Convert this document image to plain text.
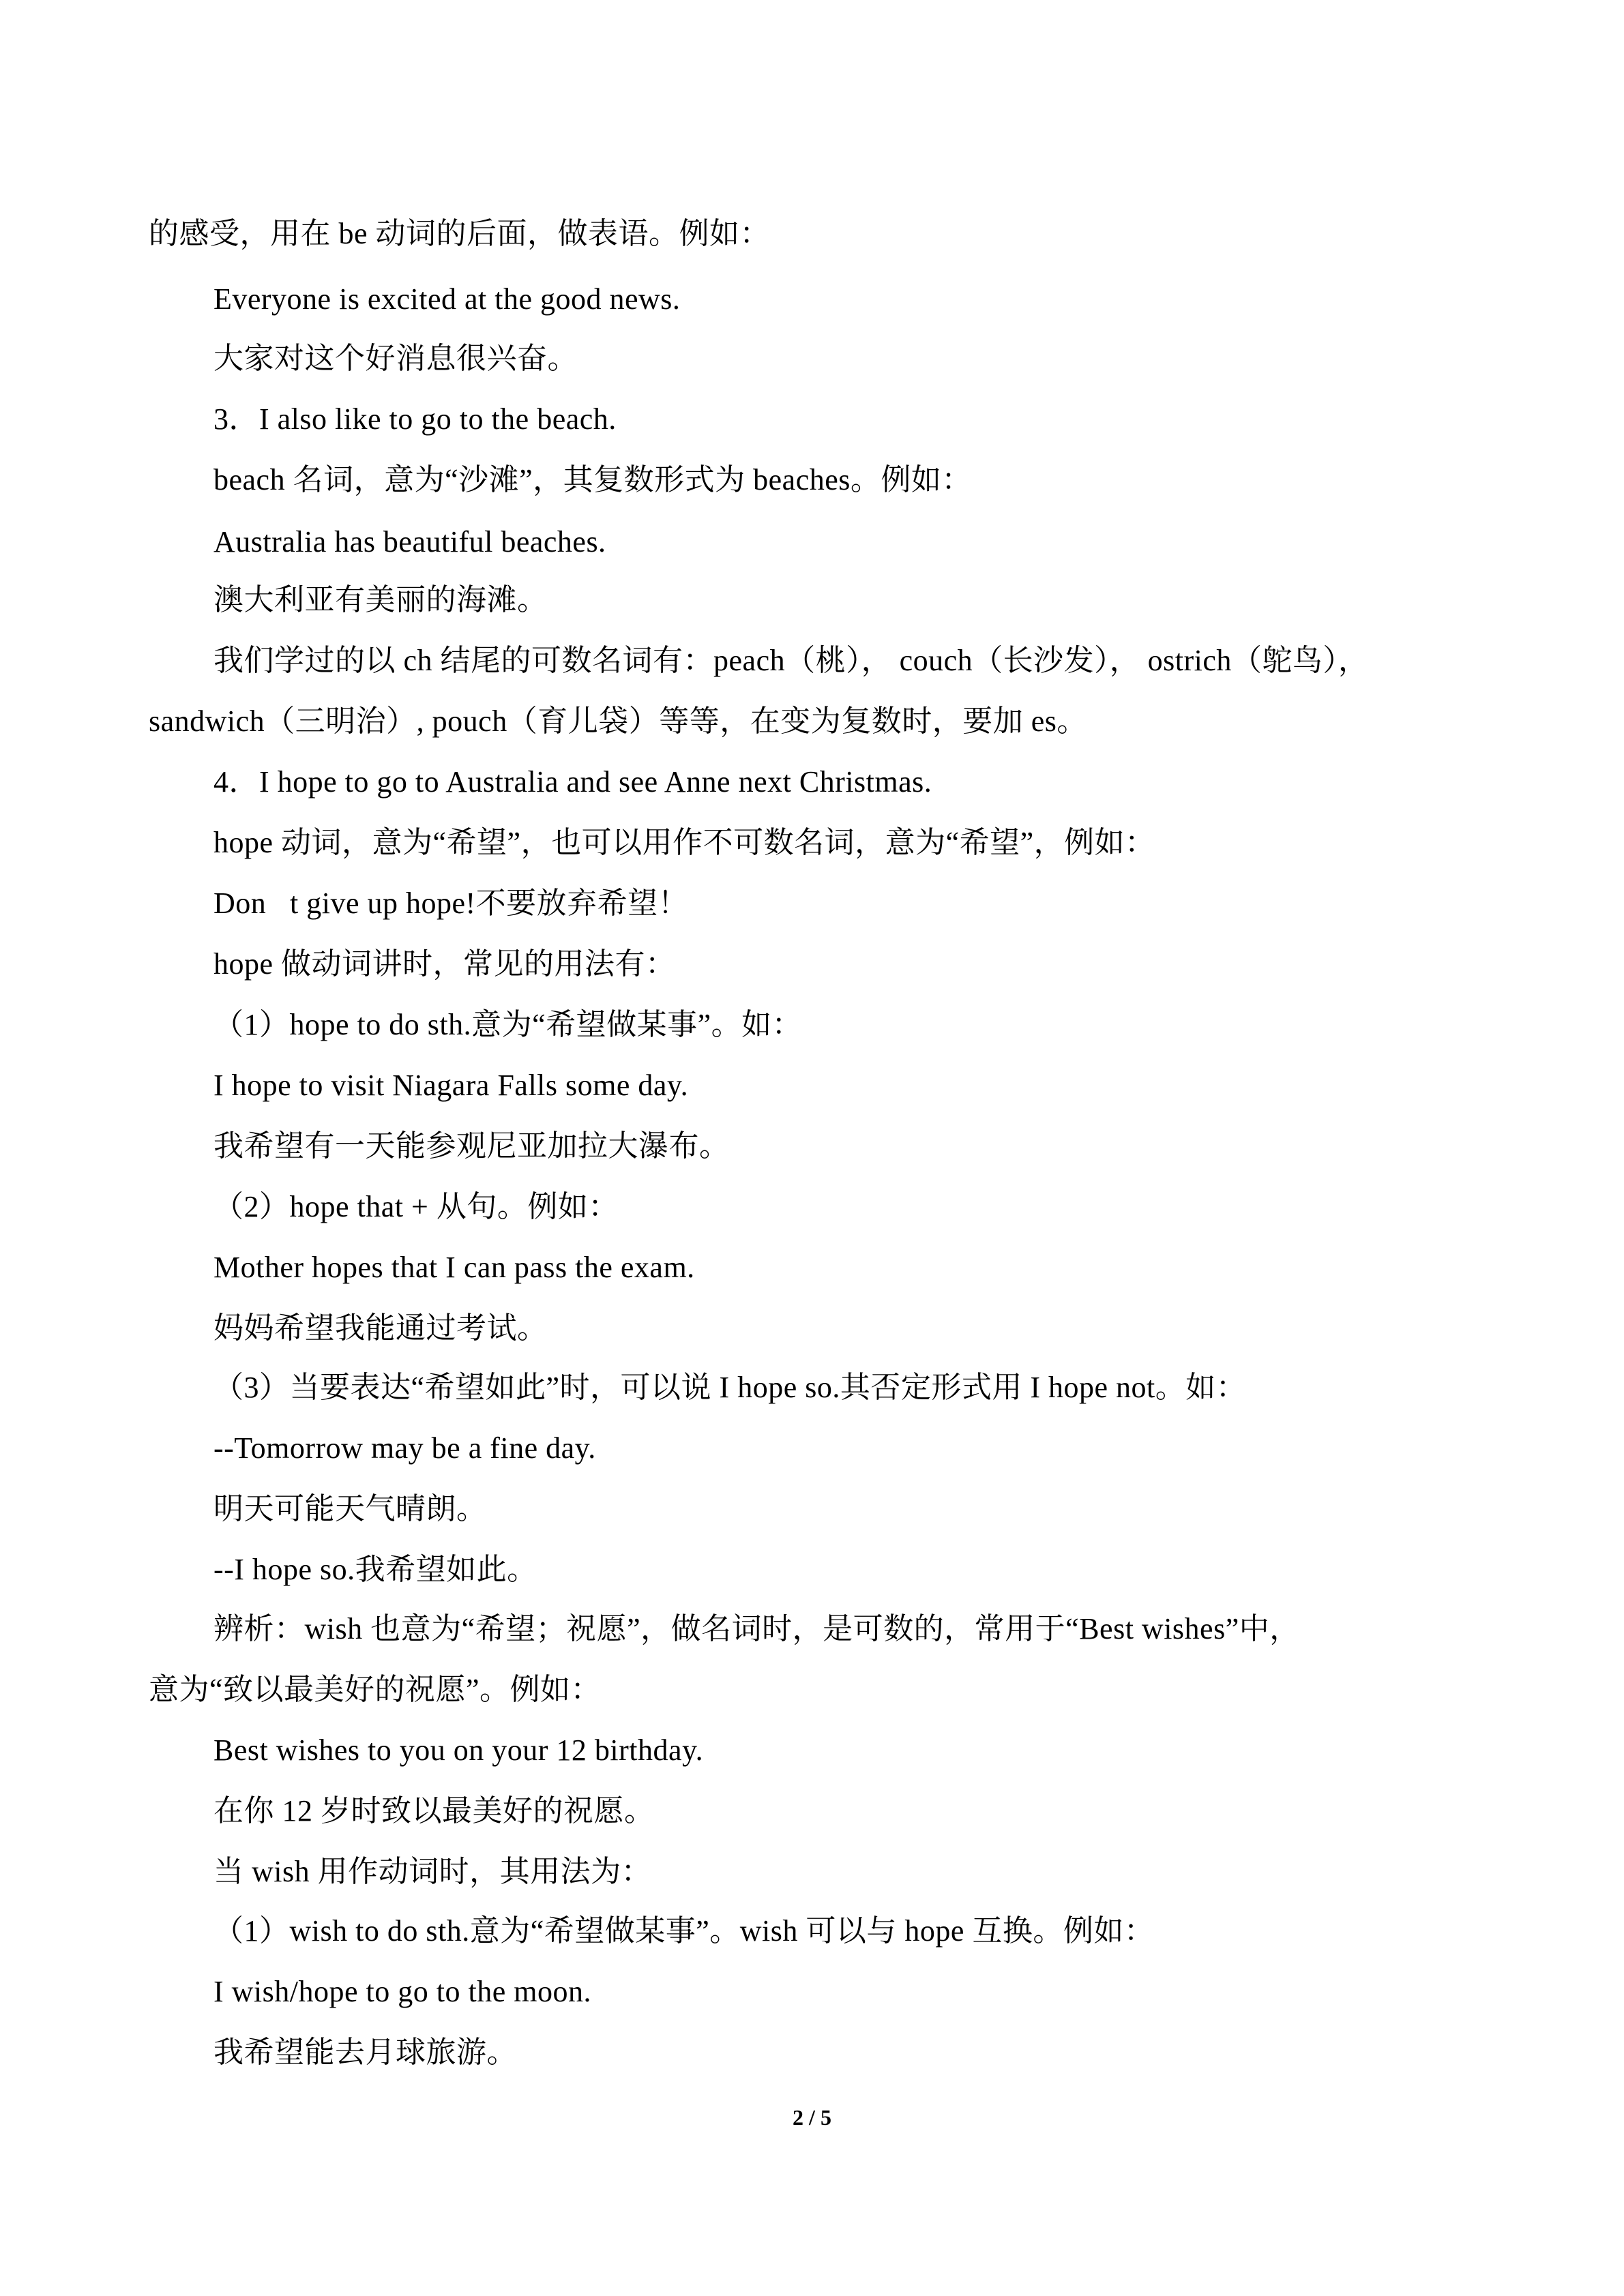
的感受，用在 be 动词的后面，做表语。例如：
Everyone is excited at the good news.
大家对这个好消息很兴奋。
3．I also like to go to the beach.
beach 名词，意为“沙滩”，其复数形式为 beaches。例如：
Australia has beautiful beaches.
澳大利亚有美丽的海滩。
我们学过的以 ch 结尾的可数名词有：peach（桃）， couch（长沙发）， ostrich（鸵鸟），
sandwich（三明治）, pouch（育儿袋）等等，在变为复数时，要加 es。
4．I hope to go to Australia and see Anne next Christmas.
hope 动词，意为“希望”，也可以用作不可数名词，意为“希望”，例如：
Don t give up hope!不要放弃希望！
hope 做动词讲时，常见的用法有：
（1）hope to do sth.意为“希望做某事”。如：
I hope to visit Niagara Falls some day.
我希望有一天能参观尼亚加拉大瀑布。
（2）hope that + 从句。例如：
Mother hopes that I can pass the exam.
妈妈希望我能通过考试。
（3）当要表达“希望如此”时，可以说 I hope so.其否定形式用 I hope not。如：
--Tomorrow may be a fine day.
明天可能天气晴朗。
--I hope so.我希望如此。
辨析：wish 也意为“希望；祝愿”，做名词时，是可数的，常用于“Best wishes”中，
意为“致以最美好的祝愿”。例如：
Best wishes to you on your 12 birthday.
在你 12 岁时致以最美好的祝愿。
当 wish 用作动词时，其用法为：
（1）wish to do sth.意为“希望做某事”。wish 可以与 hope 互换。例如：
I wish/hope to go to the moon.
我希望能去月球旅游。
2 / 5
